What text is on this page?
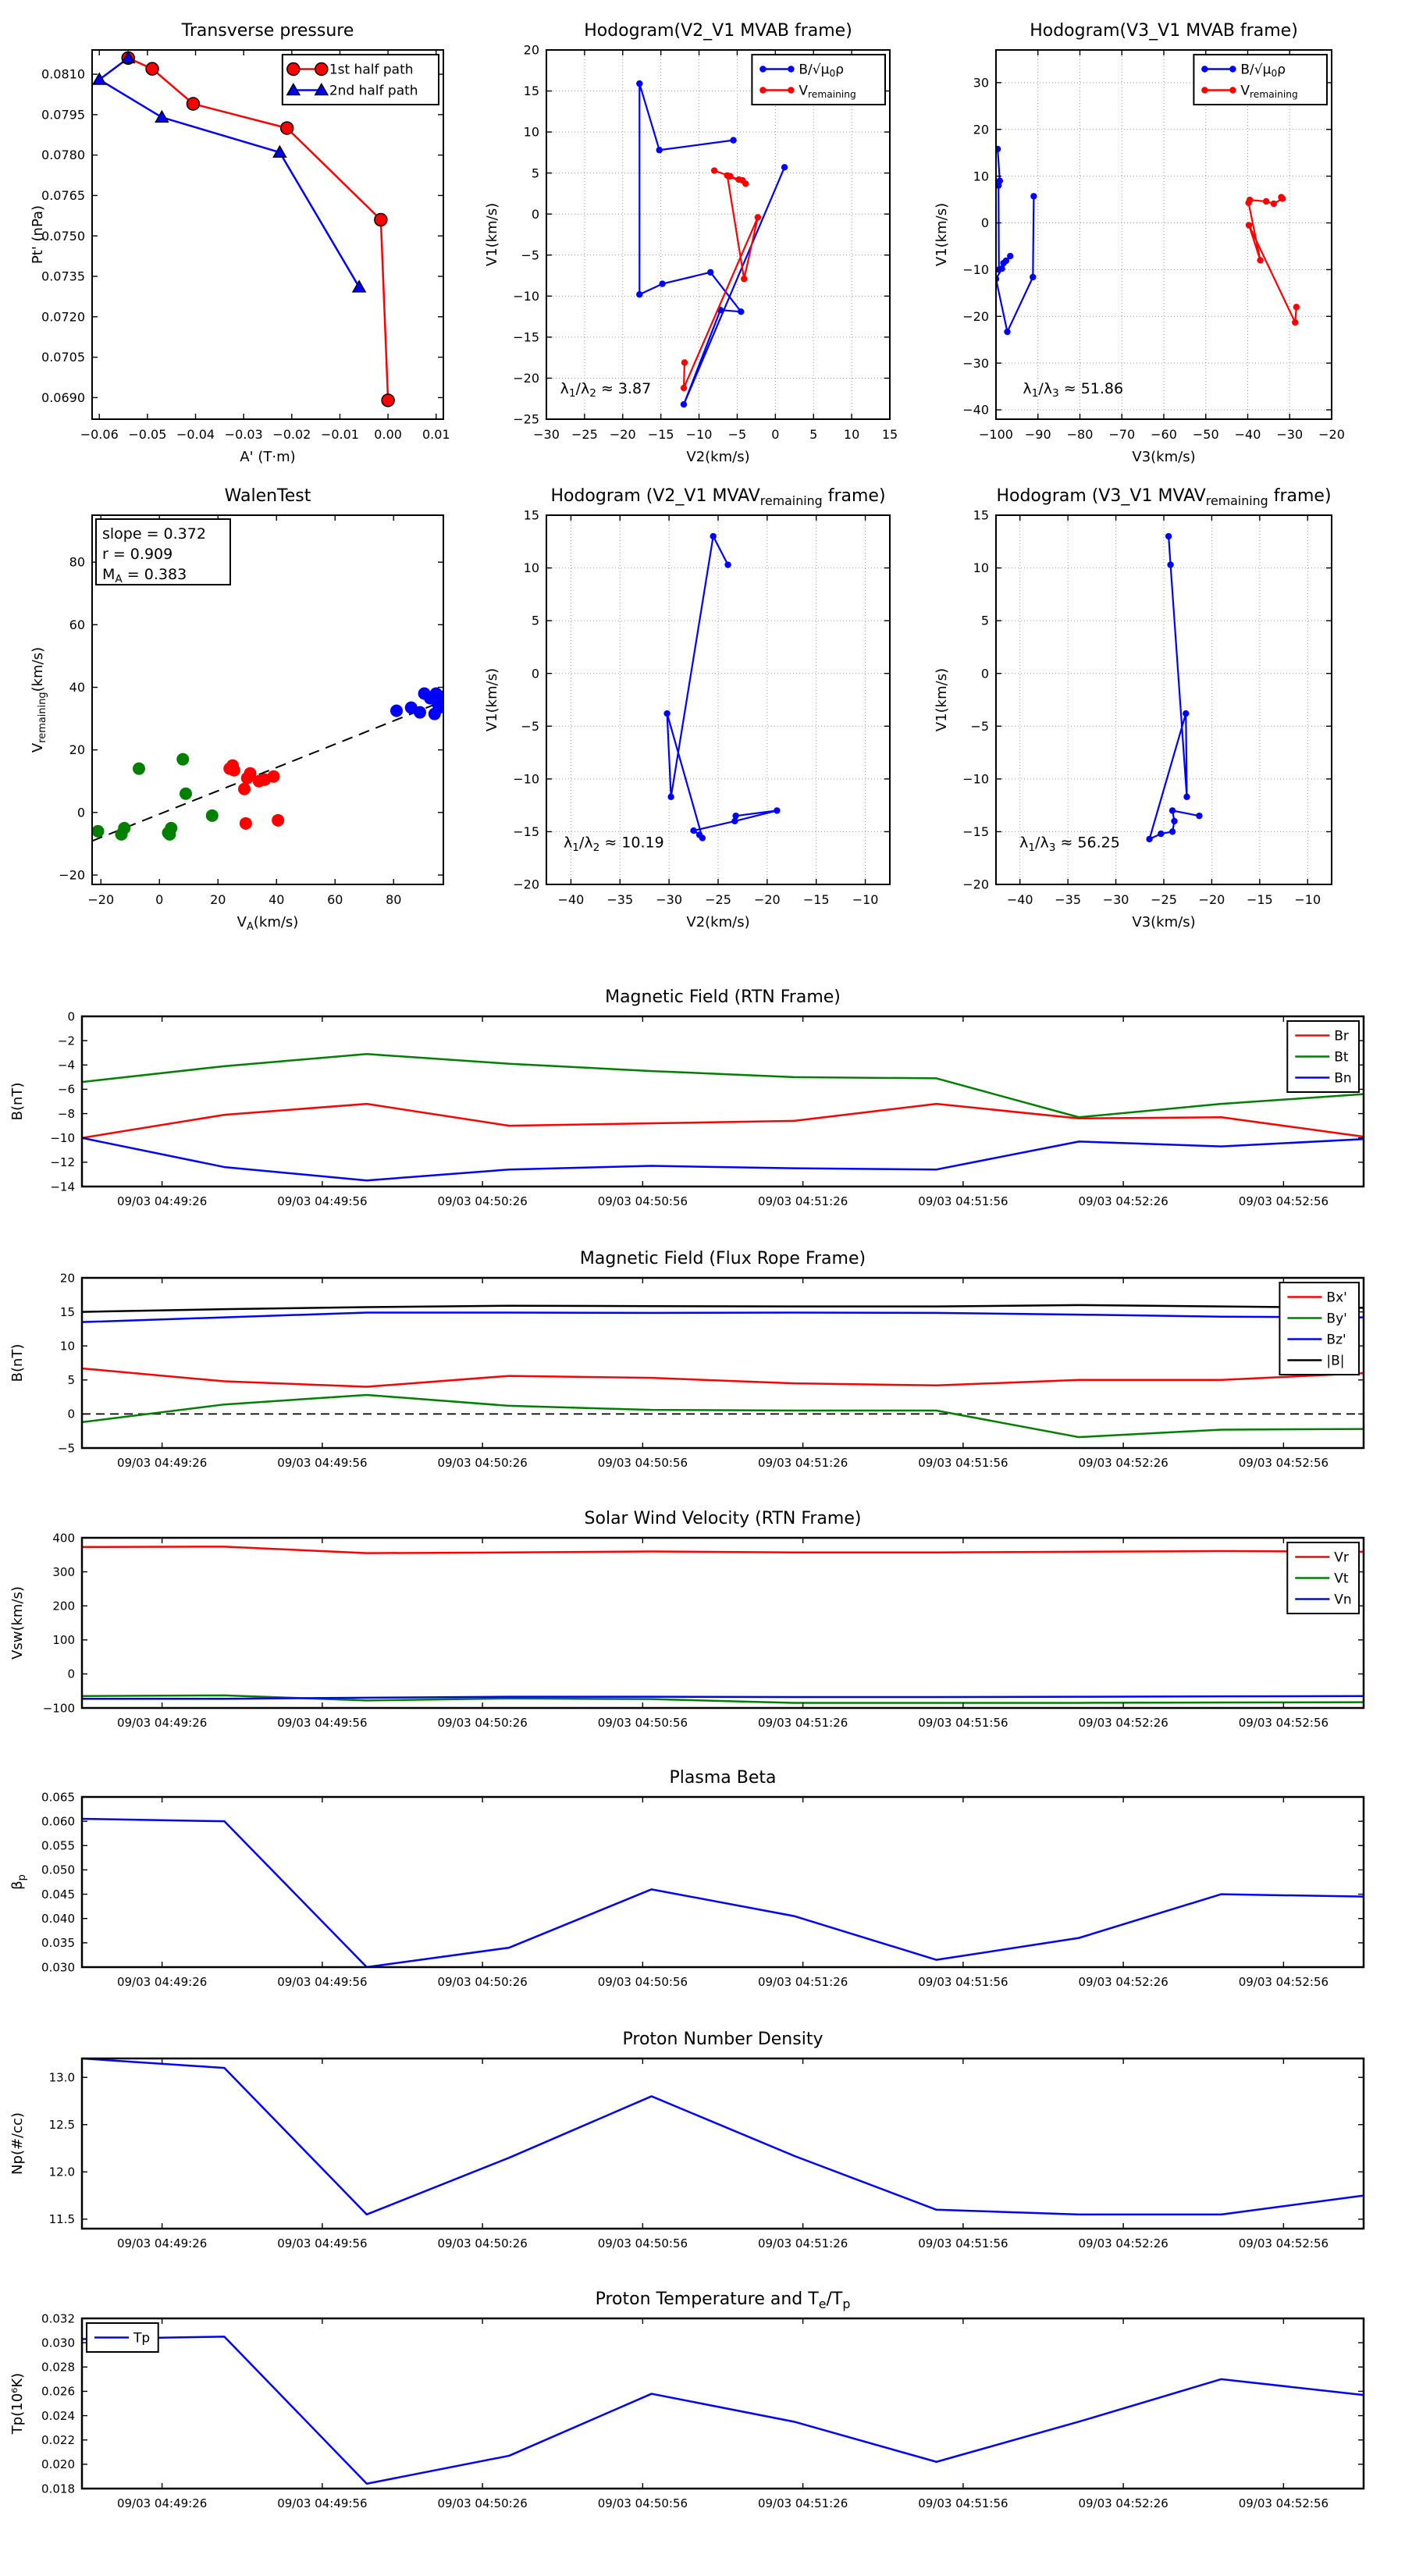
Transverse pressure
−0.06 −0.05 −0.04 −0.03 −0.02 −0.01 0.00 0.01
0.0690
0.0705
0.0720
0.0735
0.0750
0.0765
0.0780
0.0795
0.0810
A' (T·m)
Pt' (nPa)
1st half path
2nd half path
Hodogram(V2_V1 MVAB frame)
−30 −25 −20 −15 −10 −5 0 5 10 15
−25
−20
−15
−10
−5
0
5
10
15
20
V2(km/s)
V1(km/s)
$\lambda_1/\lambda_2 \approx 3.87$
$B/√\mu_0\rho$
$V_{remaining}$
Hodogram(V3_V1 MVAB frame)
−100 −90 −80 −70 −60 −50 −40 −30 −20
−40
−30
−20
−10
0
10
20
30
V3(km/s)
V1(km/s)
$\lambda_1/\lambda_3 \approx 51.86$
$B/√\mu_0\rho$
$V_{remaining}$
WalenTest
−20	0	20	40	60	80
−20
0
20
40
60
80
$V_A(km/s)$
$V_{remaining}(km/s)$
slope = 0.372
r = 0.909
$M_A = 0.383$
Hodogram (V2_V1 $MVAV_{remaining}$ frame)
−40 −35 −30 −25 −20 −15 −10
−20
−15
−10
−5
0
5
10
15
V2(km/s)
V1(km/s)
$\lambda_1/\lambda_2 \approx 10.19$
Hodogram (V3_V1 $MVAV_{remaining}$ frame)
−40 −35 −30 −25 −20 −15 −10
−20
−15
−10
−5
0
5
10
15
V3(km/s)
V1(km/s)
$\lambda_1/\lambda_3 \approx 56.25$
Magnetic Field (RTN Frame)
09/03 04:49:26	09/03 04:49:56	09/03 04:50:26	09/03 04:50:56	09/03 04:51:26	09/03 04:51:56	09/03 04:52:26	09/03 04:52:56
0
−2
−4
−6
−8
−10
−12
−14
B(nT)
Br
Bt
Bn
Magnetic Field (Flux Rope Frame)
09/03 04:49:26	09/03 04:49:56	09/03 04:50:26	09/03 04:50:56	09/03 04:51:26	09/03 04:51:56	09/03 04:52:26	09/03 04:52:56
−5
0
5
10
15
20
B(nT)
Bx'
By'
Bz'
|B|
Solar Wind Velocity (RTN Frame)
09/03 04:49:26	09/03 04:49:56	09/03 04:50:26	09/03 04:50:56	09/03 04:51:26	09/03 04:51:56	09/03 04:52:26	09/03 04:52:56
−100
0
100
200
300
400
Vsw(km/s)
Vr
Vt
Vn
Plasma Beta
09/03 04:49:26	09/03 04:49:56	09/03 04:50:26	09/03 04:50:56	09/03 04:51:26	09/03 04:51:56	09/03 04:52:26	09/03 04:52:56
0.030
0.035
0.040
0.045
0.050
0.055
0.060
0.065
$\beta_p$
Proton Number Density
09/03 04:49:26	09/03 04:49:56	09/03 04:50:26	09/03 04:50:56	09/03 04:51:26	09/03 04:51:56	09/03 04:52:26	09/03 04:52:56
11.5
12.0
12.5
13.0
Np(#/cc)
Proton Temperature and $T_e/T_p$
09/03 04:49:26	09/03 04:49:56	09/03 04:50:26	09/03 04:50:56	09/03 04:51:26	09/03 04:51:56	09/03 04:52:26	09/03 04:52:56
0.018
0.020
0.022
0.024
0.026
0.028
0.030
0.032
Tp(10⁶K)
Tp
